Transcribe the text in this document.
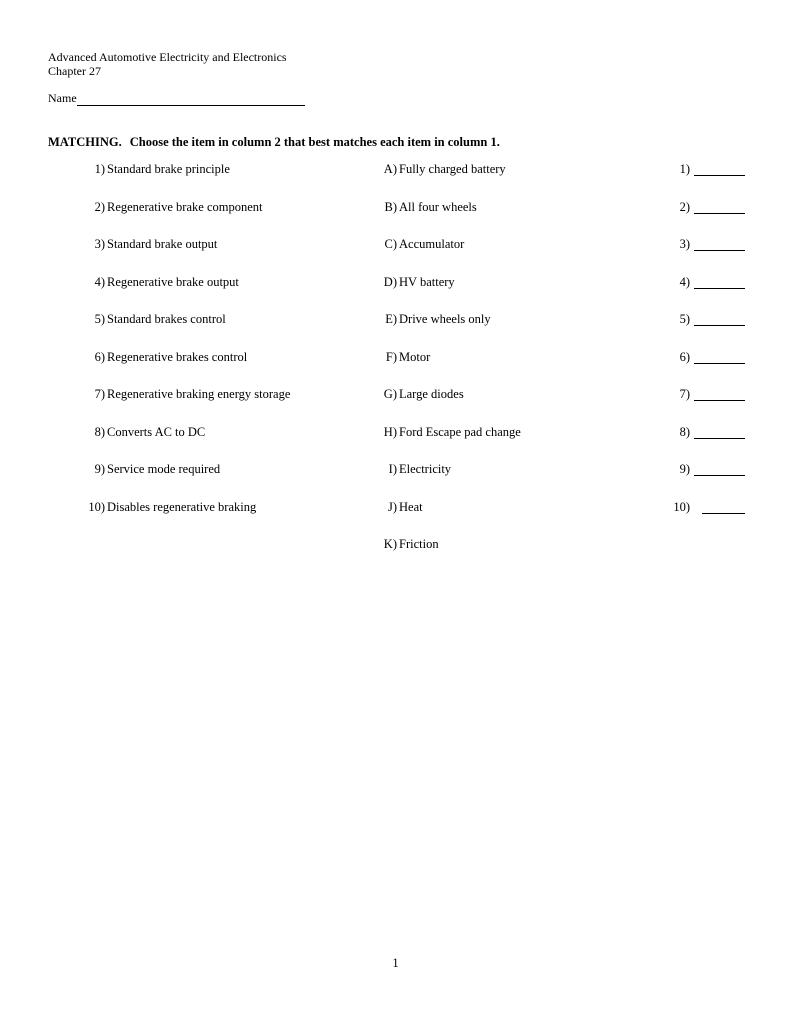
Advanced Automotive Electricity and Electronics
Chapter 27
Name
MATCHING. Choose the item in column 2 that best matches each item in column 1.
1) Standard brake principle	A) Fully charged battery	1)
2) Regenerative brake component	B) All four wheels	2)
3) Standard brake output	C) Accumulator	3)
4) Regenerative brake output	D) HV battery	4)
5) Standard brakes control	E) Drive wheels only	5)
6) Regenerative brakes control	F) Motor	6)
7) Regenerative braking energy storage	G) Large diodes	7)
8) Converts AC to DC	H) Ford Escape pad change	8)
9) Service mode required	I) Electricity	9)
10) Disables regenerative braking	J) Heat	10)
K) Friction
1
